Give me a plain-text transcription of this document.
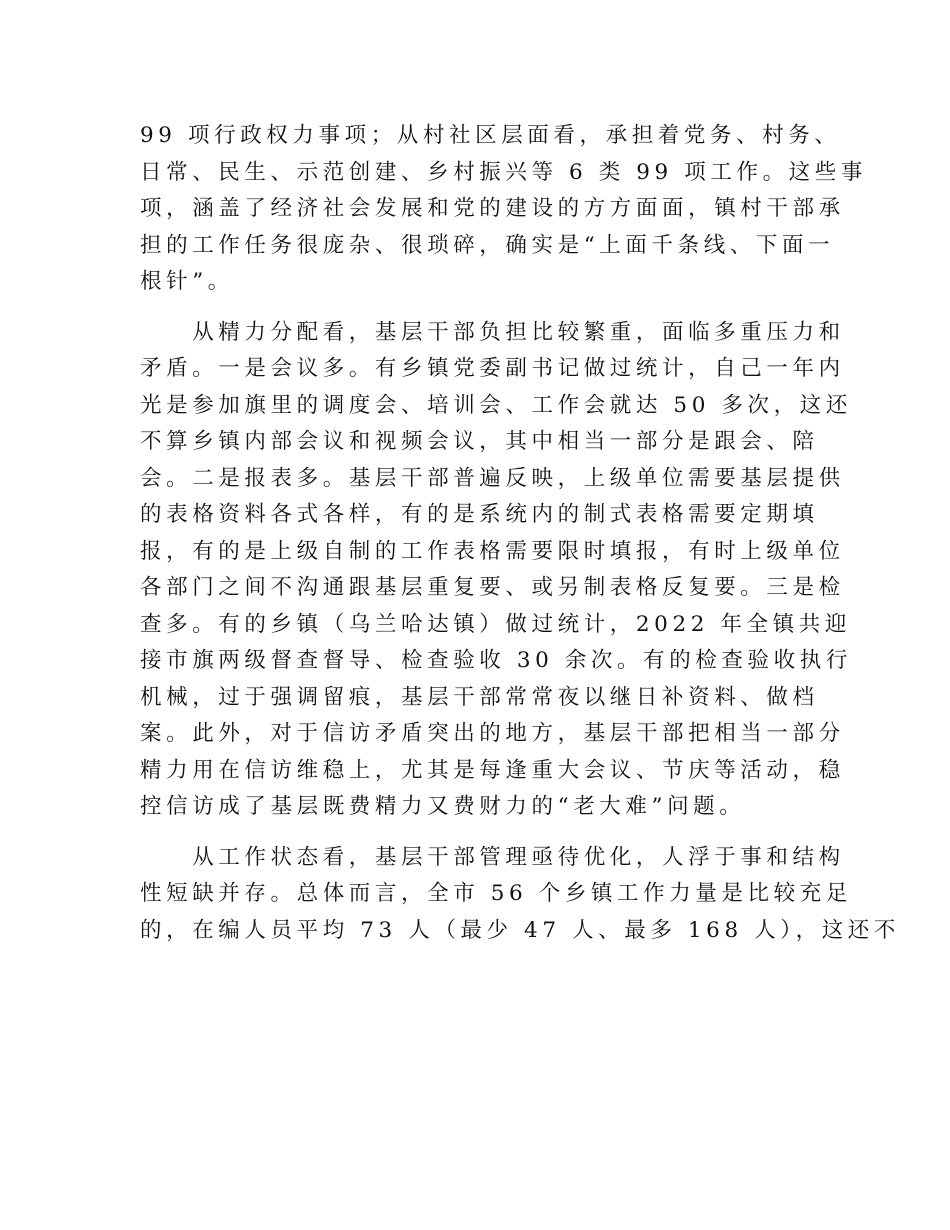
99 项行政权力事项；从村社区层面看，承担着党务、村务、
日常、民生、示范创建、乡村振兴等 6 类 99 项工作。这些事
项，涵盖了经济社会发展和党的建设的方方面面，镇村干部承
担的工作任务很庞杂、很琐碎，确实是“上面千条线、下面一
根针”。
　　从精力分配看，基层干部负担比较繁重，面临多重压力和
矛盾。一是会议多。有乡镇党委副书记做过统计，自己一年内
光是参加旗里的调度会、培训会、工作会就达 50 多次，这还
不算乡镇内部会议和视频会议，其中相当一部分是跟会、陪
会。二是报表多。基层干部普遍反映，上级单位需要基层提供
的表格资料各式各样，有的是系统内的制式表格需要定期填
报，有的是上级自制的工作表格需要限时填报，有时上级单位
各部门之间不沟通跟基层重复要、或另制表格反复要。三是检
查多。有的乡镇（乌兰哈达镇）做过统计，2022 年全镇共迎
接市旗两级督查督导、检查验收 30 余次。有的检查验收执行
机械，过于强调留痕，基层干部常常夜以继日补资料、做档
案。此外，对于信访矛盾突出的地方，基层干部把相当一部分
精力用在信访维稳上，尤其是每逢重大会议、节庆等活动，稳
控信访成了基层既费精力又费财力的“老大难”问题。
　　从工作状态看，基层干部管理亟待优化，人浮于事和结构
性短缺并存。总体而言，全市 56 个乡镇工作力量是比较充足
的，在编人员平均 73 人（最少 47 人、最多 168 人），这还不
